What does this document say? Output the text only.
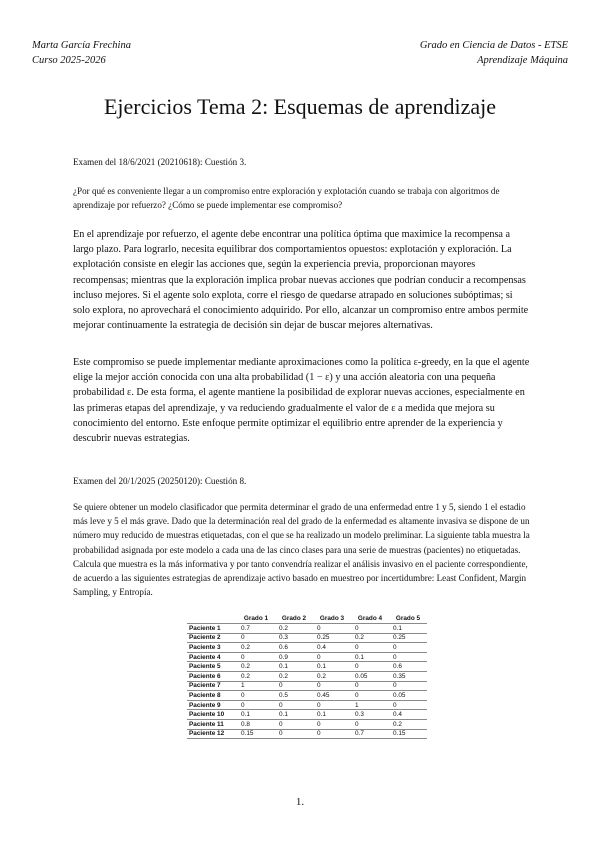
Marta García Frechina
Curso 2025-2026
Grado en Ciencia de Datos - ETSE
Aprendizaje Máquina
Ejercicios Tema 2: Esquemas de aprendizaje

Examen del 18/6/2021 (20210618): Cuestión 3.

¿Por qué es conveniente llegar a un compromiso entre exploración y explotación cuando se trabaja con algoritmos de aprendizaje por refuerzo? ¿Cómo se puede implementar ese compromiso?

En el aprendizaje por refuerzo, el agente debe encontrar una política óptima que maximice la recompensa a largo plazo. Para lograrlo, necesita equilibrar dos comportamientos opuestos: explotación y exploración. La explotación consiste en elegir las acciones que, según la experiencia previa, proporcionan mayores recompensas; mientras que la exploración implica probar nuevas acciones que podrían conducir a recompensas incluso mejores. Si el agente solo explota, corre el riesgo de quedarse atrapado en soluciones subóptimas; si solo explora, no aprovechará el conocimiento adquirido. Por ello, alcanzar un compromiso entre ambos permite mejorar continuamente la estrategia de decisión sin dejar de buscar mejores alternativas.

Este compromiso se puede implementar mediante aproximaciones como la política ε-greedy, en la que el agente elige la mejor acción conocida con una alta probabilidad (1 − ε) y una acción aleatoria con una pequeña probabilidad ε. De esta forma, el agente mantiene la posibilidad de explorar nuevas acciones, especialmente en las primeras etapas del aprendizaje, y va reduciendo gradualmente el valor de ε a medida que mejora su conocimiento del entorno. Este enfoque permite optimizar el equilibrio entre aprender de la experiencia y descubrir nuevas estrategias.

Examen del 20/1/2025 (20250120): Cuestión 8.

Se quiere obtener un modelo clasificador que permita determinar el grado de una enfermedad entre 1 y 5, siendo 1 el estadio más leve y 5 el más grave. Dado que la determinación real del grado de la enfermedad es altamente invasiva se dispone de un número muy reducido de muestras etiquetadas, con el que se ha realizado un modelo preliminar. La siguiente tabla muestra la probabilidad asignada por este modelo a cada una de las cinco clases para una serie de muestras (pacientes) no etiquetadas. Calcula que muestra es la más informativa y por tanto convendría realizar el análisis invasivo en el paciente correspondiente, de acuerdo a las siguientes estrategias de aprendizaje activo basado en muestreo por incertidumbre: Least Confident, Margin Sampling, y Entropía.

	Grado 1	Grado 2	Grado 3	Grado 4	Grado 5
Paciente 1	0.7	0.2	0	0	0.1
Paciente 2	0	0.3	0.25	0.2	0.25
Paciente 3	0.2	0.6	0.4	0	0
Paciente 4	0	0.9	0	0.1	0
Paciente 5	0.2	0.1	0.1	0	0.6
Paciente 6	0.2	0.2	0.2	0.05	0.35
Paciente 7	1	0	0	0	0
Paciente 8	0	0.5	0.45	0	0.05
Paciente 9	0	0	0	1	0
Paciente 10	0.1	0.1	0.1	0.3	0.4
Paciente 11	0.8	0	0	0	0.2
Paciente 12	0.15	0	0	0.7	0.15
1.
